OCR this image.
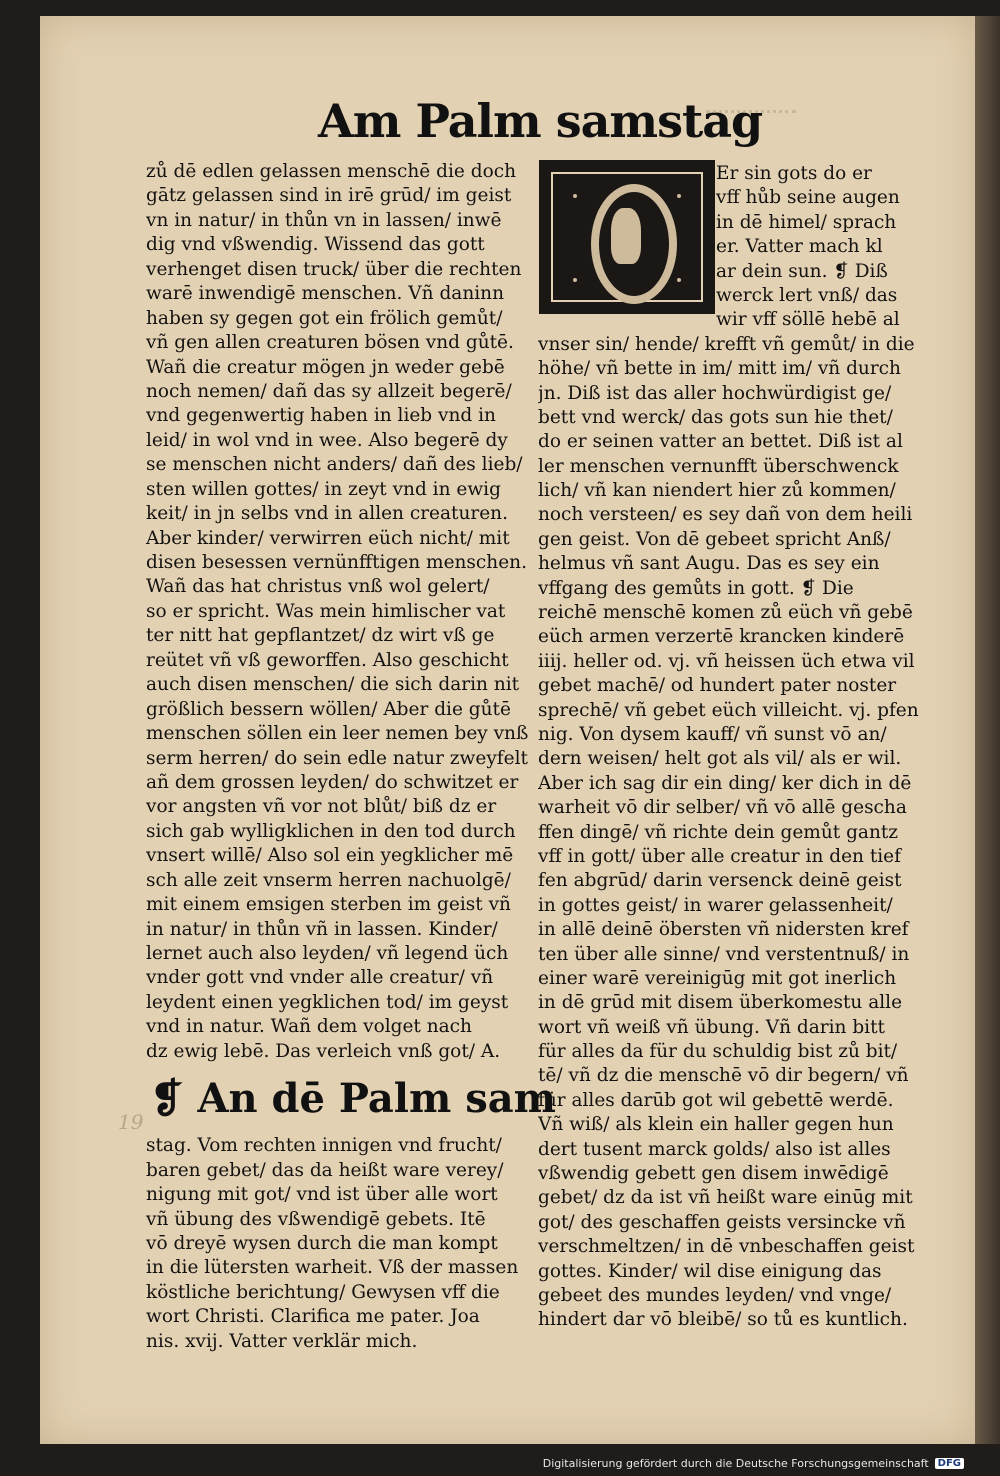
Am Palm samstag
zů dē edlen gelassen menschē die doch
gātz gelassen sind in irē grūd/ im geist
vn in natur/ in thůn vn in lassen/ inwē
dig vnd vßwendig. Wissend das gott
verhenget disen truck/ über die rechten
warē inwendigē menschen. Vñ daninn
haben sy gegen got ein frölich gemůt/
vñ gen allen creaturen bösen vnd gůtē.
Wañ die creatur mögen jn weder gebē
noch nemen/ dañ das sy allzeit begerē/
vnd gegenwertig haben in lieb vnd in
leid/ in wol vnd in wee. Also begerē dy
se menschen nicht anders/ dañ des lieb/
sten willen gottes/ in zeyt vnd in ewig
keit/ in jn selbs vnd in allen creaturen.
Aber kinder/ verwirren eüch nicht/ mit
disen besessen vernünfftigen menschen.
Wañ das hat christus vnß wol gelert/
so er spricht. Was mein himlischer vat
ter nitt hat gepflantzet/ dz wirt vß ge
reütet vñ vß geworffen. Also geschicht
auch disen menschen/ die sich darin nit
größlich bessern wöllen/ Aber die gůtē
menschen söllen ein leer nemen bey vnß
serm herren/ do sein edle natur zweyfelt
añ dem grossen leyden/ do schwitzet er
vor angsten vñ vor not blůt/ biß dz er
sich gab wylligklichen in den tod durch
vnsert willē/ Also sol ein yegklicher mē
sch alle zeit vnserm herren nachuolgē/
mit einem emsigen sterben im geist vñ
in natur/ in thůn vñ in lassen. Kinder/
lernet auch also leyden/ vñ legend üch
vnder gott vnd vnder alle creatur/ vñ
leydent einen yegklichen tod/ im geyst
vnd in natur. Wañ dem volget nach
dz ewig lebē. Das verleich vnß got/ A.
❡ An dē Palm sam
stag. Vom rechten innigen vnd frucht/
baren gebet/ das da heißt ware verey/
nigung mit got/ vnd ist über alle wort
vñ übung des vßwendigē gebets. Itē
vō dreyē wysen durch die man kompt
in die lütersten warheit. Vß der massen
köstliche berichtung/ Gewysen vff die
wort Christi. Clarifica me pater. Joa
nis. xvij. Vatter verklär mich.
Er sin gots do er
vff hůb seine augen
in dē himel/ sprach
er. Vatter mach kl
ar dein sun. ❡ Diß
werck lert vnß/ das
wir vff söllē hebē al
vnser sin/ hende/ krefft vñ gemůt/ in die
höhe/ vñ bette in im/ mitt im/ vñ durch
jn. Diß ist das aller hochwürdigist ge/
bett vnd werck/ das gots sun hie thet/
do er seinen vatter an bettet. Diß ist al
ler menschen vernunfft überschwenck
lich/ vñ kan niendert hier zů kommen/
noch versteen/ es sey dañ von dem heili
gen geist. Von dē gebeet spricht Anß/
helmus vñ sant Augu. Das es sey ein
vffgang des gemůts in gott. ❡ Die
reichē menschē komen zů eüch vñ gebē
eüch armen verzertē krancken kinderē
iiij. heller od. vj. vñ heissen üch etwa vil
gebet machē/ od hundert pater noster
sprechē/ vñ gebet eüch villeicht. vj. pfen
nig. Von dysem kauff/ vñ sunst vō an/
dern weisen/ helt got als vil/ als er wil.
Aber ich sag dir ein ding/ ker dich in dē
warheit vō dir selber/ vñ vō allē gescha
ffen dingē/ vñ richte dein gemůt gantz
vff in gott/ über alle creatur in den tief
fen abgrūd/ darin versenck deinē geist
in gottes geist/ in warer gelassenheit/
in allē deinē öbersten vñ nidersten kref
ten über alle sinne/ vnd verstentnuß/ in
einer warē vereinigūg mit got inerlich
in dē grūd mit disem überkomestu alle
wort vñ weiß vñ übung. Vñ darin bitt
für alles da für du schuldig bist zů bit/
tē/ vñ dz die menschē vō dir begern/ vñ
für alles darūb got wil gebettē werdē.
Vñ wiß/ als klein ein haller gegen hun
dert tusent marck golds/ also ist alles
vßwendig gebett gen disem inwēdigē
gebet/ dz da ist vñ heißt ware einūg mit
got/ des geschaffen geists versincke vñ
verschmeltzen/ in dē vnbeschaffen geist
gottes. Kinder/ wil dise einigung das
gebeet des mundes leyden/ vnd vnge/
hindert dar vō bleibē/ so tů es kuntlich.
19
Digitalisierung gefördert durch die Deutsche Forschungsgemeinschaft DFG
